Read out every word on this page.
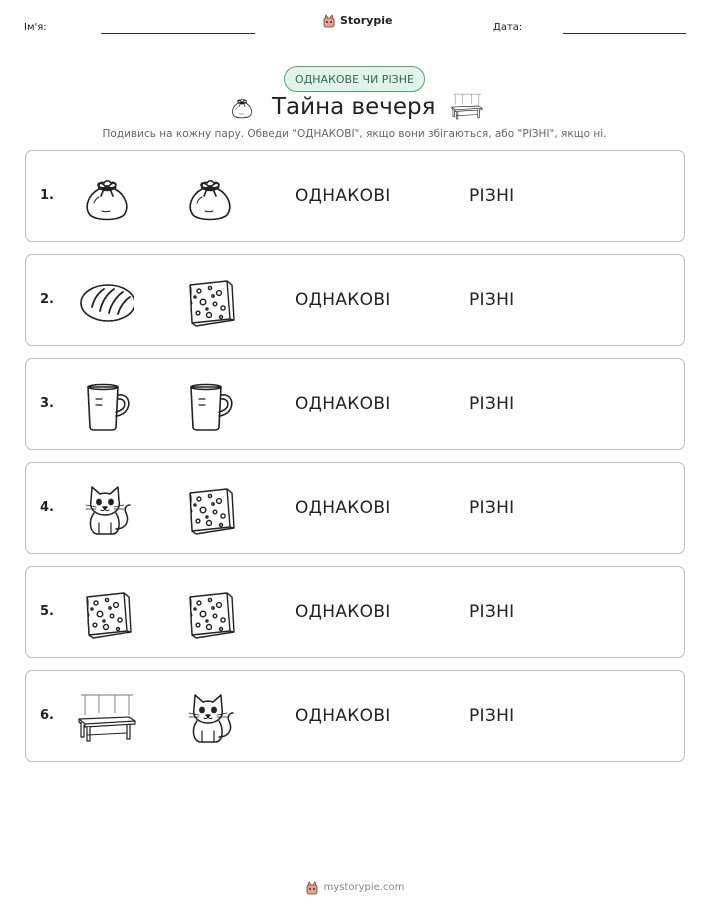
Ім'я:
Storypie
Дата:
ОДНАКОВЕ ЧИ РІЗНЕ
Тайна вечеря
Подивись на кожну пару. Обведи "ОДНАКОВІ", якщо вони збігаються, або "РІЗНІ", якщо ні.
1.	ОДНАКОВІ	РІЗНІ
2.	ОДНАКОВІ	РІЗНІ
3.	ОДНАКОВІ	РІЗНІ
4.	ОДНАКОВІ	РІЗНІ
5.	ОДНАКОВІ	РІЗНІ
6.	ОДНАКОВІ	РІЗНІ
mystorypie.com
